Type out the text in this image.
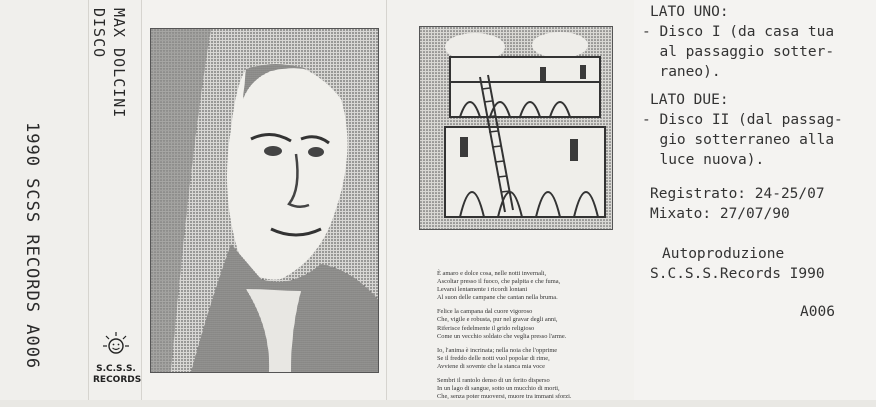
1990 SCSS RECORDS A006
MAX DOLCINI
DISCO
S.C.S.S.
RECORDS
È amaro e dolce cosa, nelle notti invernali,
Ascoltar presso il fuoco, che palpita e che fuma,
Levarsi lentamente i ricordi lontani
Al suon delle campane che cantan nella bruma.
Felice la campana dal cuore vigoroso
Che, vigile e robusta, pur nel gravar degli anni,
Riferisce fedelmente il grido religioso
Come un vecchio soldato che veglia presso l'arme.
Io, l'anima è incrinata; nella noia che l'opprime
Se il freddo delle notti vuol popolar di rime,
Avviene di sovente che la stanca mia voce
Sembri il rantolo denso di un ferito disperso
In un lago di sangue, sotto un mucchio di morti,
Che, senza poter muoversi, muore tra immani sforzi.
LATO UNO:
- Disco I (da casa tua
al passaggio sotter-
raneo).
LATO DUE:
- Disco II (dal passag-
gio sotterraneo alla
luce nuova).
Registrato: 24-25/07
Mixato: 27/07/90
Autoproduzione
S.C.S.S.Records I990
A006
